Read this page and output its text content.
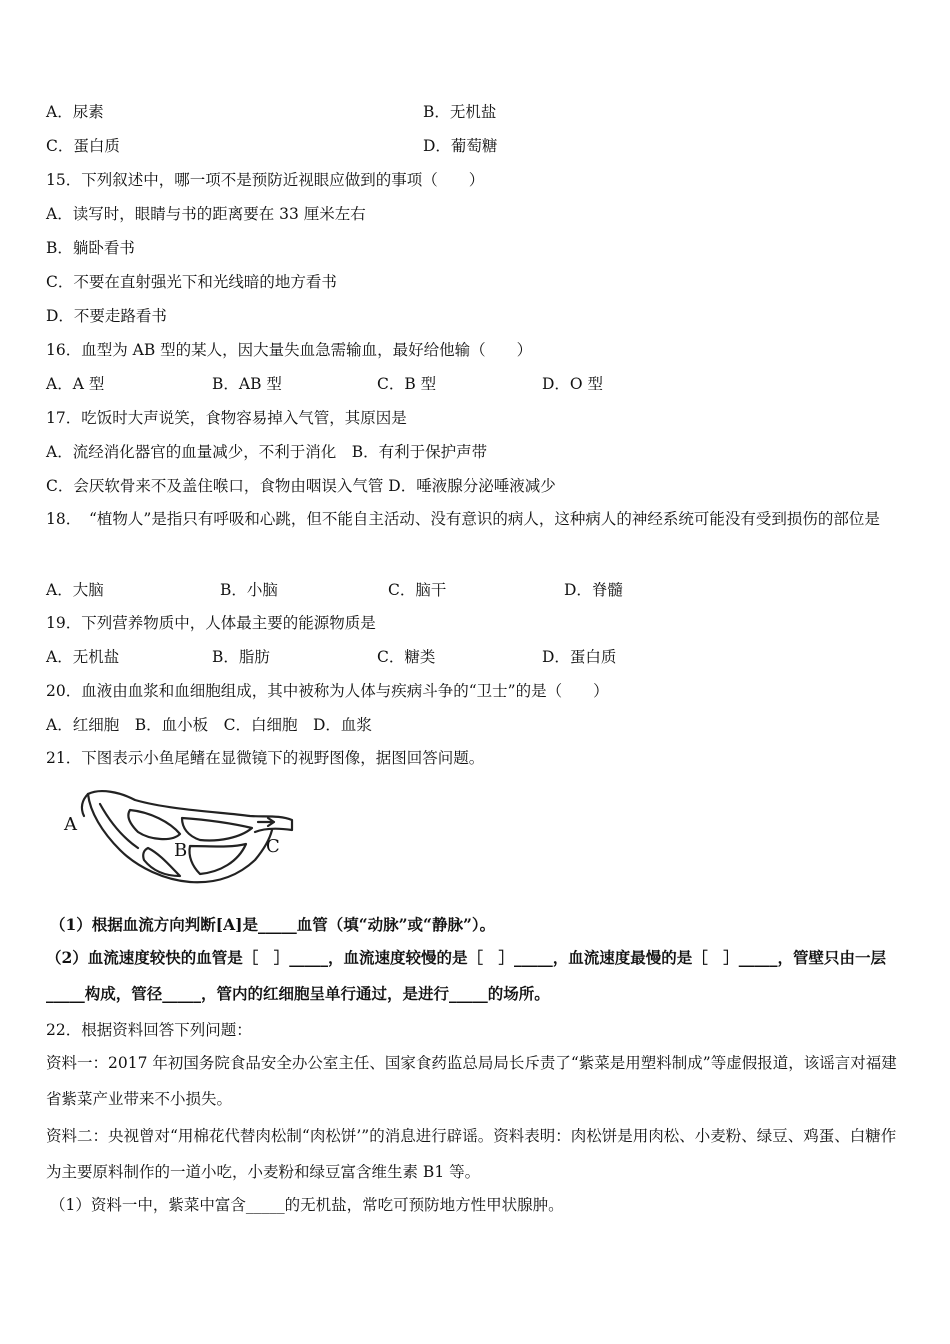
A．尿素	B．无机盐
C．蛋白质	D．葡萄糖
15．下列叙述中，哪一项不是预防近视眼应做到的事项（　　）
A．读写时，眼睛与书的距离要在 33 厘米左右
B．躺卧看书
C．不要在直射强光下和光线暗的地方看书
D．不要走路看书
16．血型为 AB 型的某人，因大量失血急需输血，最好给他输（　　）
A．A 型	B．AB 型	C．B 型	D．O 型
17．吃饭时大声说笑，食物容易掉入气管，其原因是
A．流经消化器官的血量减少，不利于消化　B．有利于保护声带
C．会厌软骨来不及盖住喉口，食物由咽误入气管 D．唾液腺分泌唾液减少
18．　“植物人”是指只有呼吸和心跳，但不能自主活动、没有意识的病人，这种病人的神经系统可能没有受到损伤的部位是
A．大脑	B．小脑	C．脑干	D．脊髓
19．下列营养物质中，人体最主要的能源物质是
A．无机盐	B．脂肪	C．糖类	D．蛋白质
20．血液由血浆和血细胞组成，其中被称为人体与疾病斗争的“卫士”的是（　　）
A．红细胞　B．血小板　C．白细胞　D．血浆
21．下图表示小鱼尾鳍在显微镜下的视野图像，据图回答问题。
A
B	C
（1）根据血流方向判断[A]是_____血管（填“动脉”或“静脉”）。
（2）血流速度较快的血管是［　］_____，血流速度较慢的是［　］_____，血流速度最慢的是［　］_____，管壁只由一层_____构成，管径_____，管内的红细胞呈单行通过，是进行_____的场所。
22．根据资料回答下列问题：
资料一：2017 年初国务院食品安全办公室主任、国家食药监总局局长斥责了“紫菜是用塑料制成”等虚假报道，该谣言对福建省紫菜产业带来不小损失。
资料二：央视曾对“用棉花代替肉松制“肉松饼’”的消息进行辟谣。资料表明：肉松饼是用肉松、小麦粉、绿豆、鸡蛋、白糖作为主要原料制作的一道小吃，小麦粉和绿豆富含维生素 B1 等。
（1）资料一中，紫菜中富含_____的无机盐，常吃可预防地方性甲状腺肿。
